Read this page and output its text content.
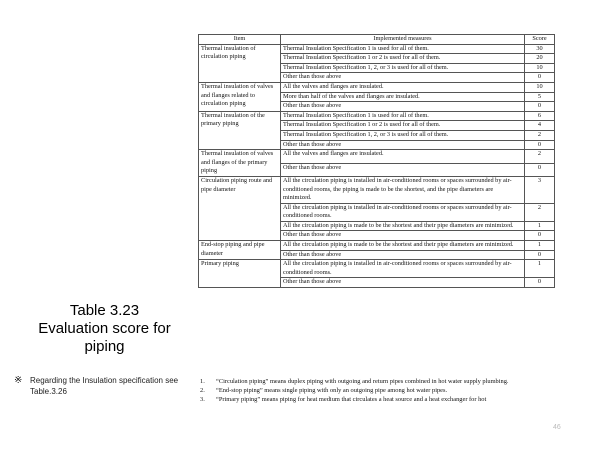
Table 3.23
Evaluation score for
piping
※ Regarding the Insulation specification see Table.3.26
Item	Implemented measures	Score
Thermal insulation of circulation piping	Thermal Insulation Specification 1 is used for all of them.	30
	Thermal Insulation Specification 1 or 2 is used for all of them.	20
	Thermal Insulation Specification 1, 2, or 3 is used for all of them.	10
	Other than those above	0
Thermal insulation of valves and flanges related to circulation piping	All the valves and flanges are insulated.	10
	More than half of the valves and flanges are insulated.	5
	Other than those above	0
Thermal insulation of the primary piping	Thermal Insulation Specification 1 is used for all of them.	6
	Thermal Insulation Specification 1 or 2 is used for all of them.	4
	Thermal Insulation Specification 1, 2, or 3 is used for all of them.	2
	Other than those above	0
Thermal insulation of valves and flanges of the primary piping	All the valves and flanges are insulated.	2
	Other than those above	0
Circulation piping route and pipe diameter	All the circulation piping is installed in air-conditioned rooms or spaces surrounded by air-conditioned rooms, the piping is made to be the shortest, and the pipe diameters are minimized.	3
	All the circulation piping is installed in air-conditioned rooms or spaces surrounded by air-conditioned rooms.	2
	All the circulation piping is made to be the shortest and their pipe diameters are minimized.	1
	Other than those above	0
End-stop piping and pipe diameter	All the circulation piping is made to be the shortest and their pipe diameters are minimized.	1
	Other than those above	0
Primary piping	All the circulation piping is installed in air-conditioned rooms or spaces surrounded by air-conditioned rooms.	1
	Other than those above	0
1. “Circulation piping” means duplex piping with outgoing and return pipes combined in hot water supply plumbing.
2. “End-stop piping” means single piping with only an outgoing pipe among hot water pipes.
3. “Primary piping” means piping for heat medium that circulates a heat source and a heat exchanger for hot
46
